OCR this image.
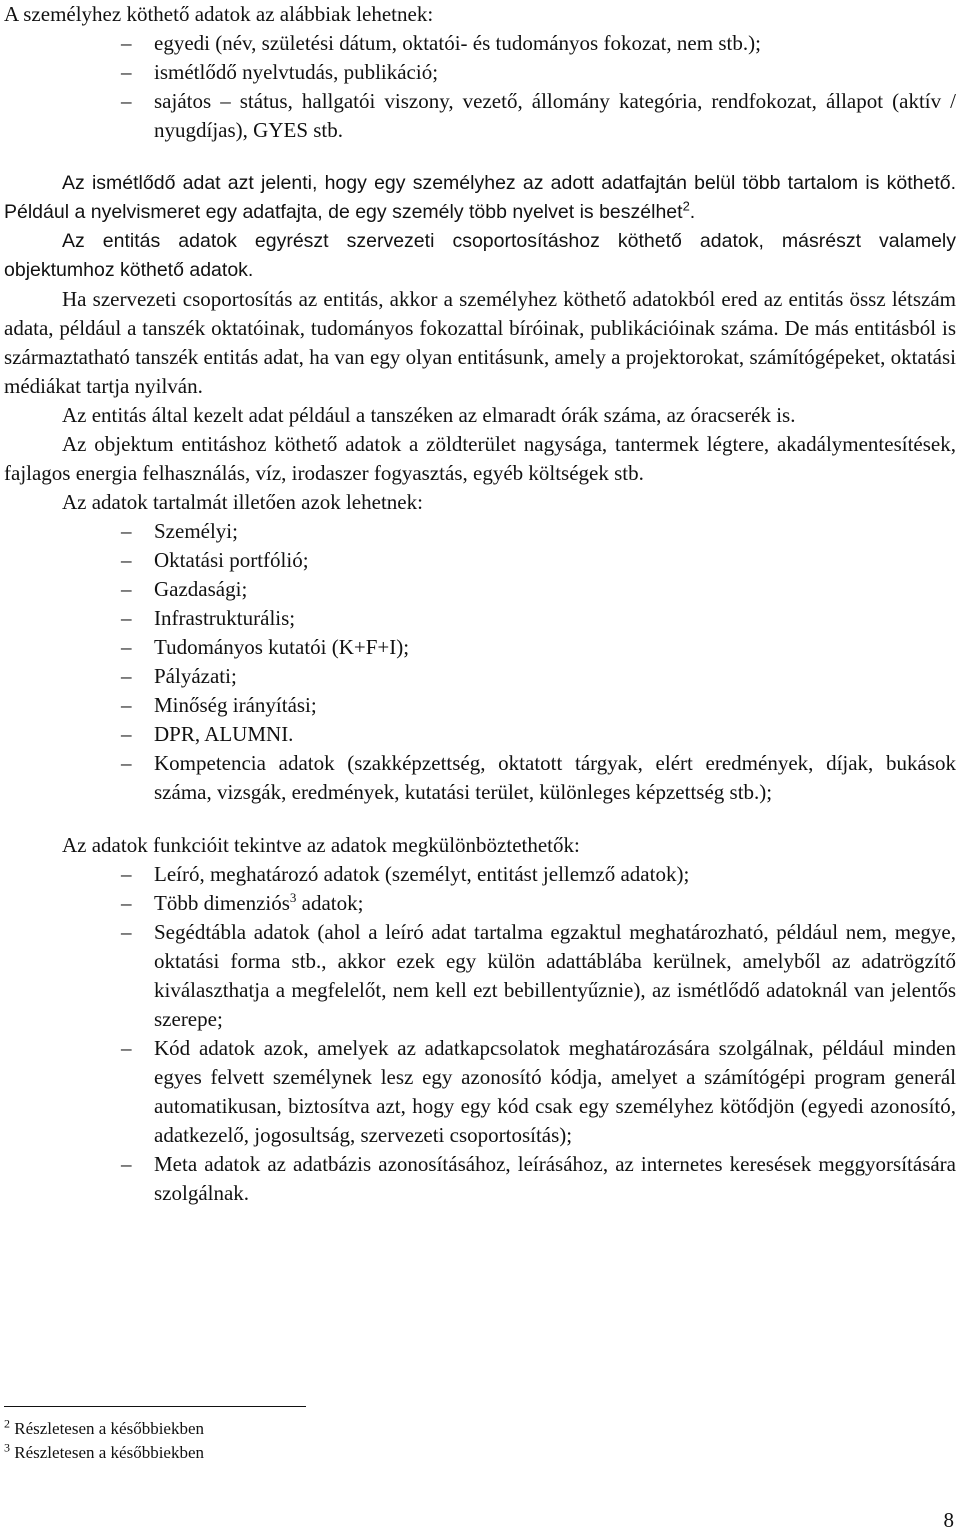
A személyhez köthető adatok az alábbiak lehetnek:

– egyedi (név, születési dátum, oktatói- és tudományos fokozat, nem stb.);
– ismétlődő nyelvtudás, publikáció;
– sajátos – státus, hallgatói viszony, vezető, állomány kategória, rendfokozat, állapot (aktív / nyugdíjas), GYES stb.

Az ismétlődő adat azt jelenti, hogy egy személyhez az adott adatfajtán belül több tartalom is köthető. Például a nyelvismeret egy adatfajta, de egy személy több nyelvet is beszélhet$^2$.

Az entitás adatok egyrészt szervezeti csoportosításhoz köthető adatok, másrészt valamely objektumhoz köthető adatok.

Ha szervezeti csoportosítás az entitás, akkor a személyhez köthető adatokból ered az entitás össz létszám adata, például a tanszék oktatóinak, tudományos fokozattal bíróinak, publikációinak száma. De más entitásból is származtatható tanszék entitás adat, ha van egy olyan entitásunk, amely a projektorokat, számítógépeket, oktatási médiákat tartja nyilván.

Az entitás által kezelt adat például a tanszéken az elmaradt órák száma, az óracserék is.

Az objektum entitáshoz köthető adatok a zöldterület nagysága, tantermek légtere, akadálymentesítések, fajlagos energia felhasználás, víz, irodaszer fogyasztás, egyéb költségek stb.

Az adatok tartalmát illetően azok lehetnek:

– Személyi;
– Oktatási portfólió;
– Gazdasági;
– Infrastrukturális;
– Tudományos kutatói (K+F+I);
– Pályázati;
– Minőség irányítási;
– DPR, ALUMNI.
– Kompetencia adatok (szakképzettség, oktatott tárgyak, elért eredmények, díjak, bukások száma, vizsgák, eredmények, kutatási terület, különleges képzettség stb.);

Az adatok funkcióit tekintve az adatok megkülönböztethetők:

– Leíró, meghatározó adatok (személyt, entitást jellemző adatok);
– Több dimenziós$^3$ adatok;
– Segédtábla adatok (ahol a leíró adat tartalma egzaktul meghatározható, például nem, megye, oktatási forma stb., akkor ezek egy külön adattáblába kerülnek, amelyből az adatrögzítő kiválaszthatja a megfelelőt, nem kell ezt bebillentyűznie), az ismétlődő adatoknál van jelentős szerepe;
– Kód adatok azok, amelyek az adatkapcsolatok meghatározására szolgálnak, például minden egyes felvett személynek lesz egy azonosító kódja, amelyet a számítógépi program generál automatikusan, biztosítva azt, hogy egy kód csak egy személyhez kötődjön (egyedi azonosító, adatkezelő, jogosultság, szervezeti csoportosítás);
– Meta adatok az adatbázis azonosításához, leírásához, az internetes keresések meggyorsítására szolgálnak.
$^2$ Részletesen a későbbiekben
$^3$ Részletesen a későbbiekben
8
